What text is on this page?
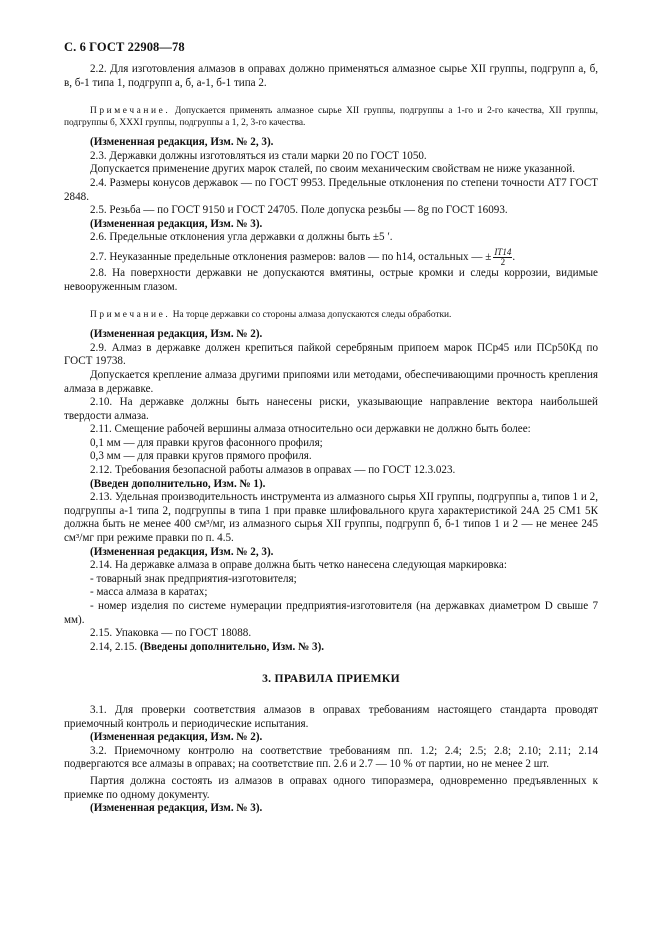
С. 6 ГОСТ 22908—78

2.2. Для изготовления алмазов в оправах должно применяться алмазное сырье XII группы, подгрупп а, б, в, б-1 типа 1, подгрупп а, б, а-1, б-1 типа 2.

Примечание. Допускается применять алмазное сырье XII группы, подгруппы а 1-го и 2-го качества, XII группы, подгруппы б, XXXI группы, подгруппы а 1, 2, 3-го качества.

(Измененная редакция, Изм. № 2, 3).

2.3. Державки должны изготовляться из стали марки 20 по ГОСТ 1050.

Допускается применение других марок сталей, по своим механическим свойствам не ниже указанной.

2.4. Размеры конусов державок — по ГОСТ 9953. Предельные отклонения по степени точности АТ7 ГОСТ 2848.

2.5. Резьба — по ГОСТ 9150 и ГОСТ 24705. Поле допуска резьбы — 8g по ГОСТ 16093.

(Измененная редакция, Изм. № 3).

2.6. Предельные отклонения угла державки α должны быть ±5 ′.

2.7. Неуказанные предельные отклонения размеров: валов — по h14, остальных — ± $\frac{IT14}{2}$ .

2.8. На поверхности державки не допускаются вмятины, острые кромки и следы коррозии, видимые невооруженным глазом.

Примечание. На торце державки со стороны алмаза допускаются следы обработки.

(Измененная редакция, Изм. № 2).

2.9. Алмаз в державке должен крепиться пайкой серебряным припоем марок ПСр45 или ПСр50Кд по ГОСТ 19738.

Допускается крепление алмаза другими припоями или методами, обеспечивающими прочность крепления алмаза в державке.

2.10. На державке должны быть нанесены риски, указывающие направление вектора наибольшей твердости алмаза.

2.11. Смещение рабочей вершины алмаза относительно оси державки не должно быть более:

0,1 мм — для правки кругов фасонного профиля;

0,3 мм — для правки кругов прямого профиля.

2.12. Требования безопасной работы алмазов в оправах — по ГОСТ 12.3.023.

(Введен дополнительно, Изм. № 1).

2.13. Удельная производительность инструмента из алмазного сырья XII группы, подгруппы а, типов 1 и 2, подгруппы а-1 типа 2, подгруппы в типа 1 при правке шлифовального круга характеристикой 24А 25 СМ1 5К должна быть не менее 400 см³/мг, из алмазного сырья XII группы, подгрупп б, б-1 типов 1 и 2 — не менее 245 см³/мг при режиме правки по п. 4.5.

(Измененная редакция, Изм. № 2, 3).

2.14. На державке алмаза в оправе должна быть четко нанесена следующая маркировка:

- товарный знак предприятия-изготовителя;

- масса алмаза в каратах;

- номер изделия по системе нумерации предприятия-изготовителя (на державках диаметром D свыше 7 мм).

2.15. Упаковка — по ГОСТ 18088.

2.14, 2.15. (Введены дополнительно, Изм. № 3).

3. ПРАВИЛА ПРИЕМКИ

3.1. Для проверки соответствия алмазов в оправах требованиям настоящего стандарта проводят приемочный контроль и периодические испытания.

(Измененная редакция, Изм. № 2).

3.2. Приемочному контролю на соответствие требованиям пп. 1.2; 2.4; 2.5; 2.8; 2.10; 2.11; 2.14 подвергаются все алмазы в оправах; на соответствие пп. 2.6 и 2.7 — 10 % от партии, но не менее 2 шт.

Партия должна состоять из алмазов в оправах одного типоразмера, одновременно предъявленных к приемке по одному документу.

(Измененная редакция, Изм. № 3).
